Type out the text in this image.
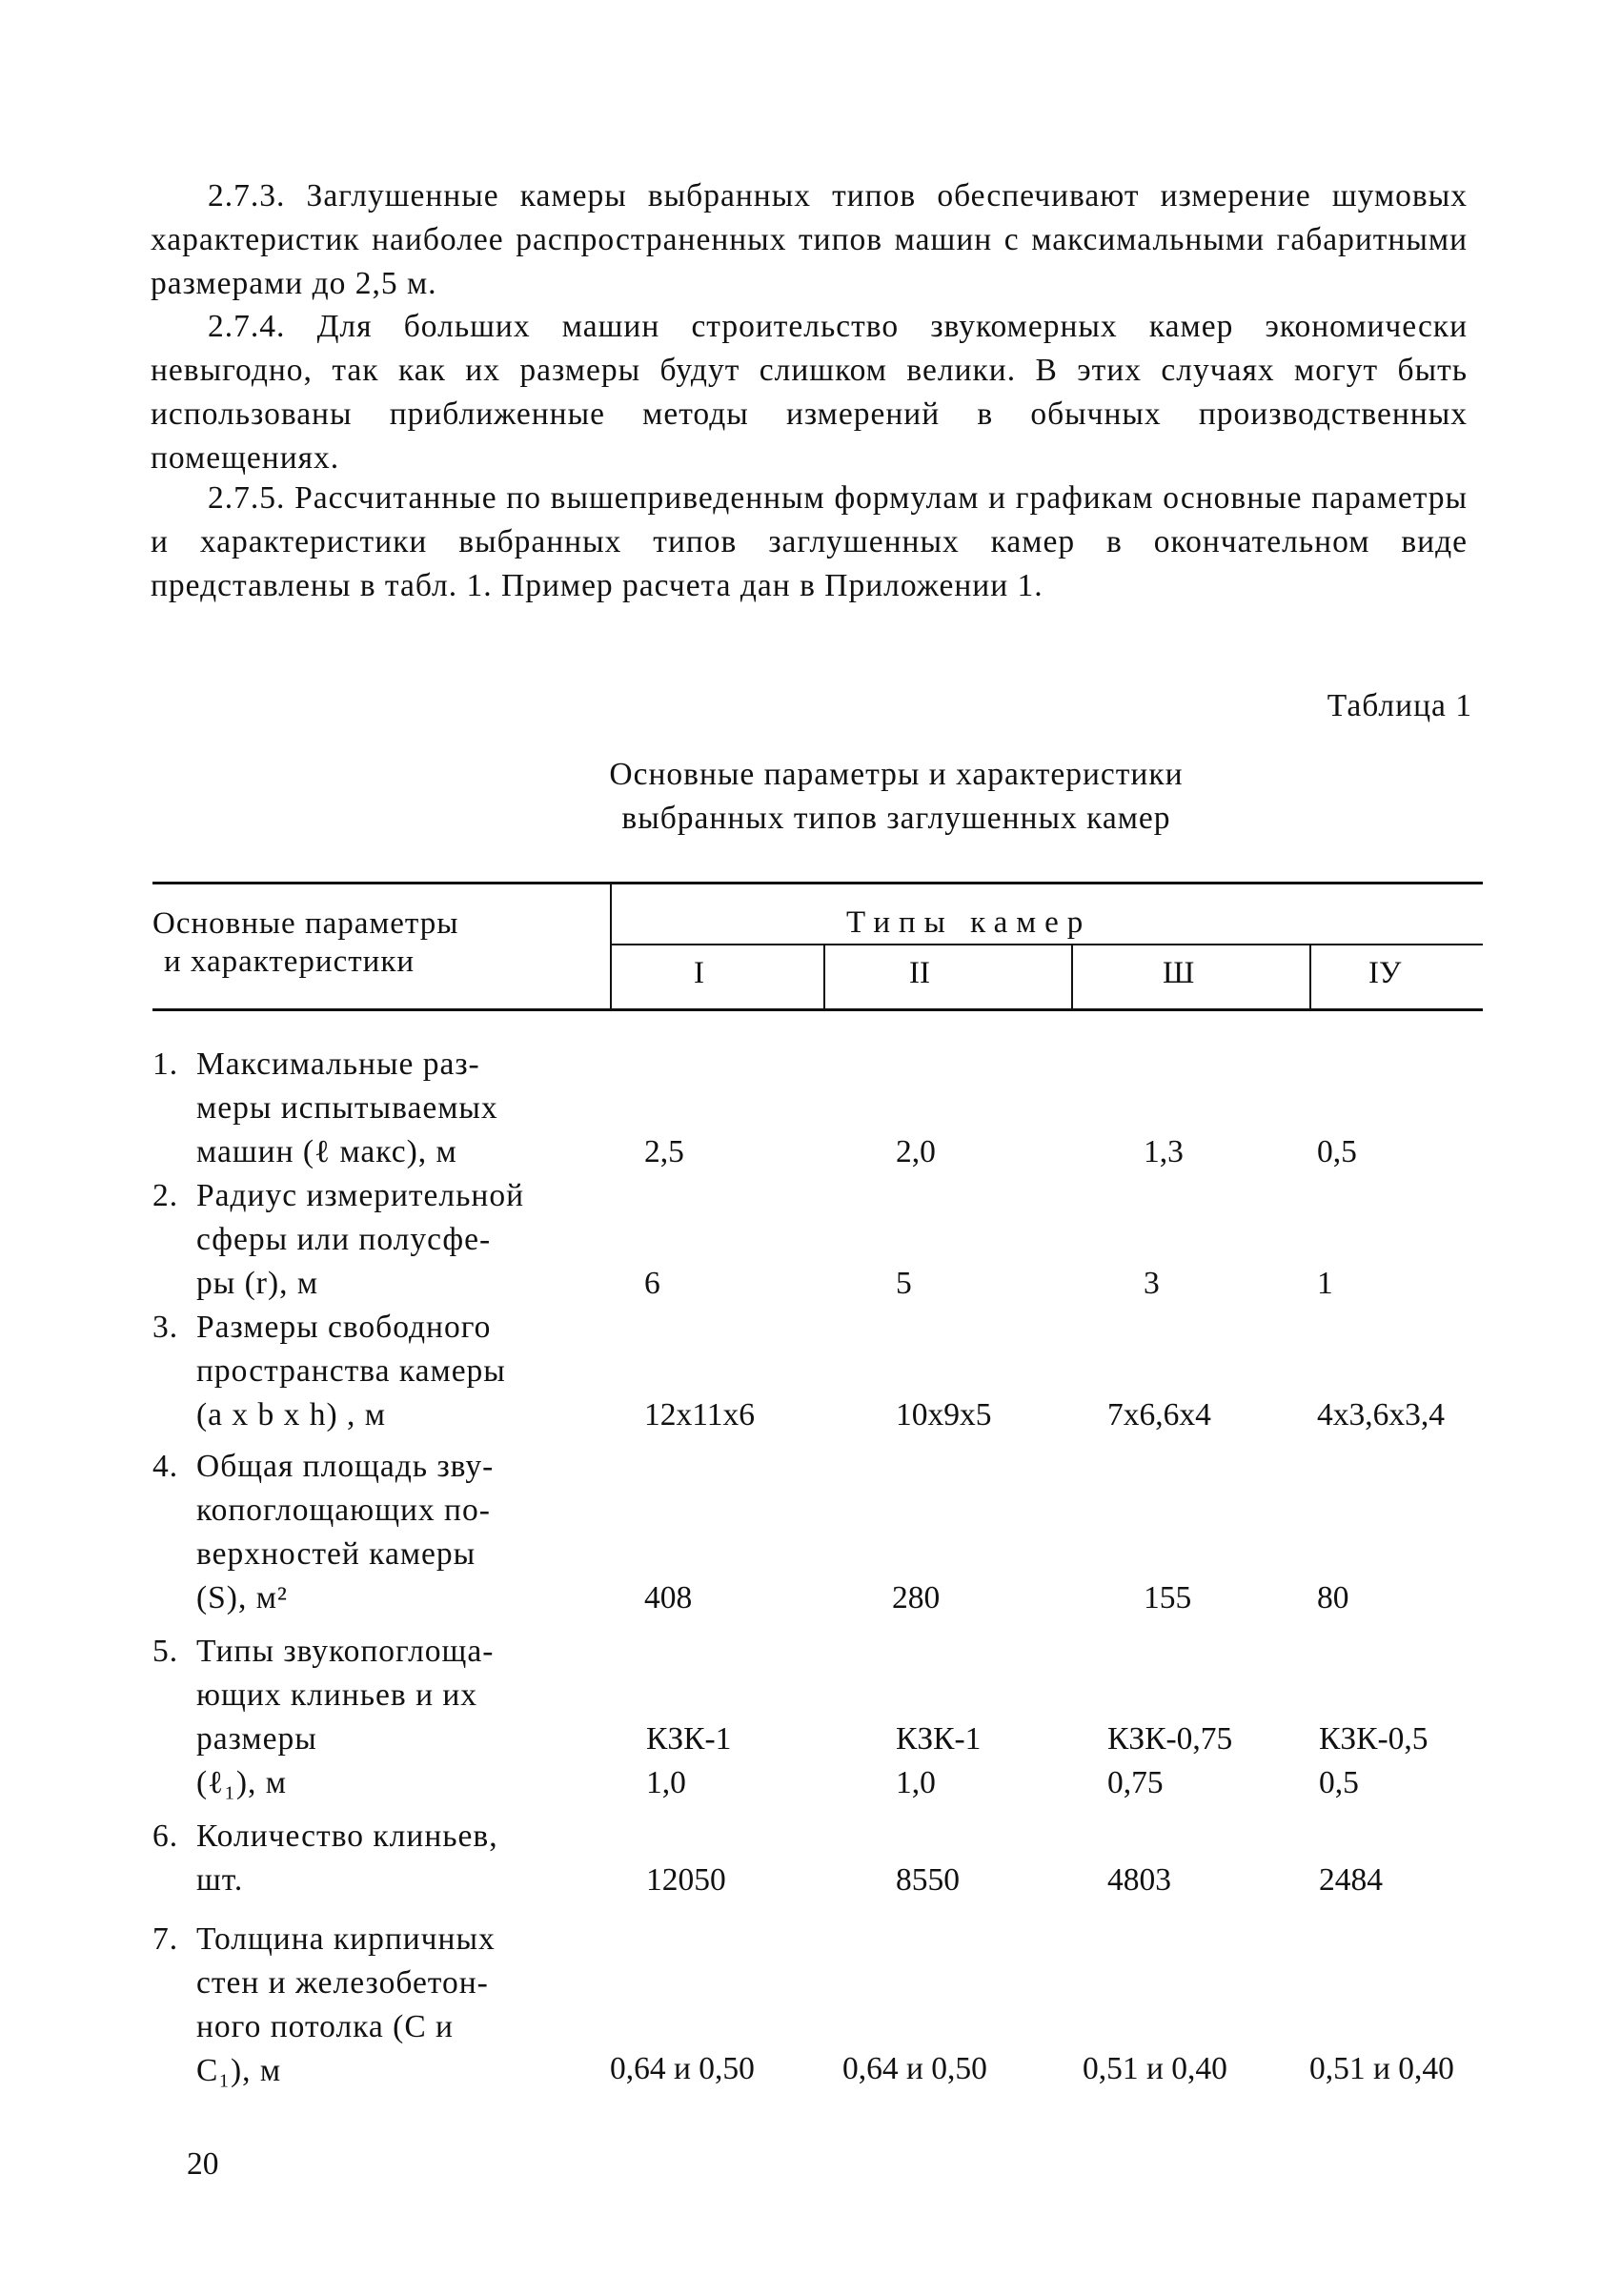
2.7.3. Заглушенные камеры выбранных типов обеспечивают измерение шумовых характеристик наиболее распространенных типов машин с максимальными габаритными размерами до 2,5 м.
2.7.4. Для больших машин строительство звукомерных камер экономически невыгодно, так как их размеры будут слишком велики. В этих случаях могут быть использованы приближенные методы измерений в обычных производственных помещениях.
2.7.5. Рассчитанные по вышеприведенным формулам и графикам основные параметры и характеристики выбранных типов заглушенных камер в окончательном виде представлены в табл. 1. Пример расчета дан в Приложении 1.
Таблица 1
Основные параметры и характеристики
выбранных типов заглушенных камер
Основные параметры
и характеристики
Типы камер
I	II	Ш	IУ
1. Максимальные раз-
меры испытываемых
машин (ℓ макс), м	2,5	2,0	1,3	0,5
2. Радиус измерительной
сферы или полусфе-
ры (r), м	6	5	3	1
3. Размеры свободного
пространства камеры
(a x b x h) , м	12x11x6	10x9x5	7x6,6x4	4x3,6x3,4
4. Общая площадь зву-
копоглощающих по-
верхностей камеры
(S), м²	408	280	155	80
5. Типы звукопоглоща-
ющих клиньев и их
размеры
(ℓ₁), м
КЗК-1	КЗК-1	КЗК-0,75	КЗК-0,5
1,0	1,0	0,75	0,5
6. Количество клиньев,
шт.	12050	8550	4803	2484
7. Толщина кирпичных
стен и железобетон-
ного потолка (С и
C₁), м	0,64 и 0,50	0,64 и 0,50	0,51 и 0,40	0,51 и 0,40
20
